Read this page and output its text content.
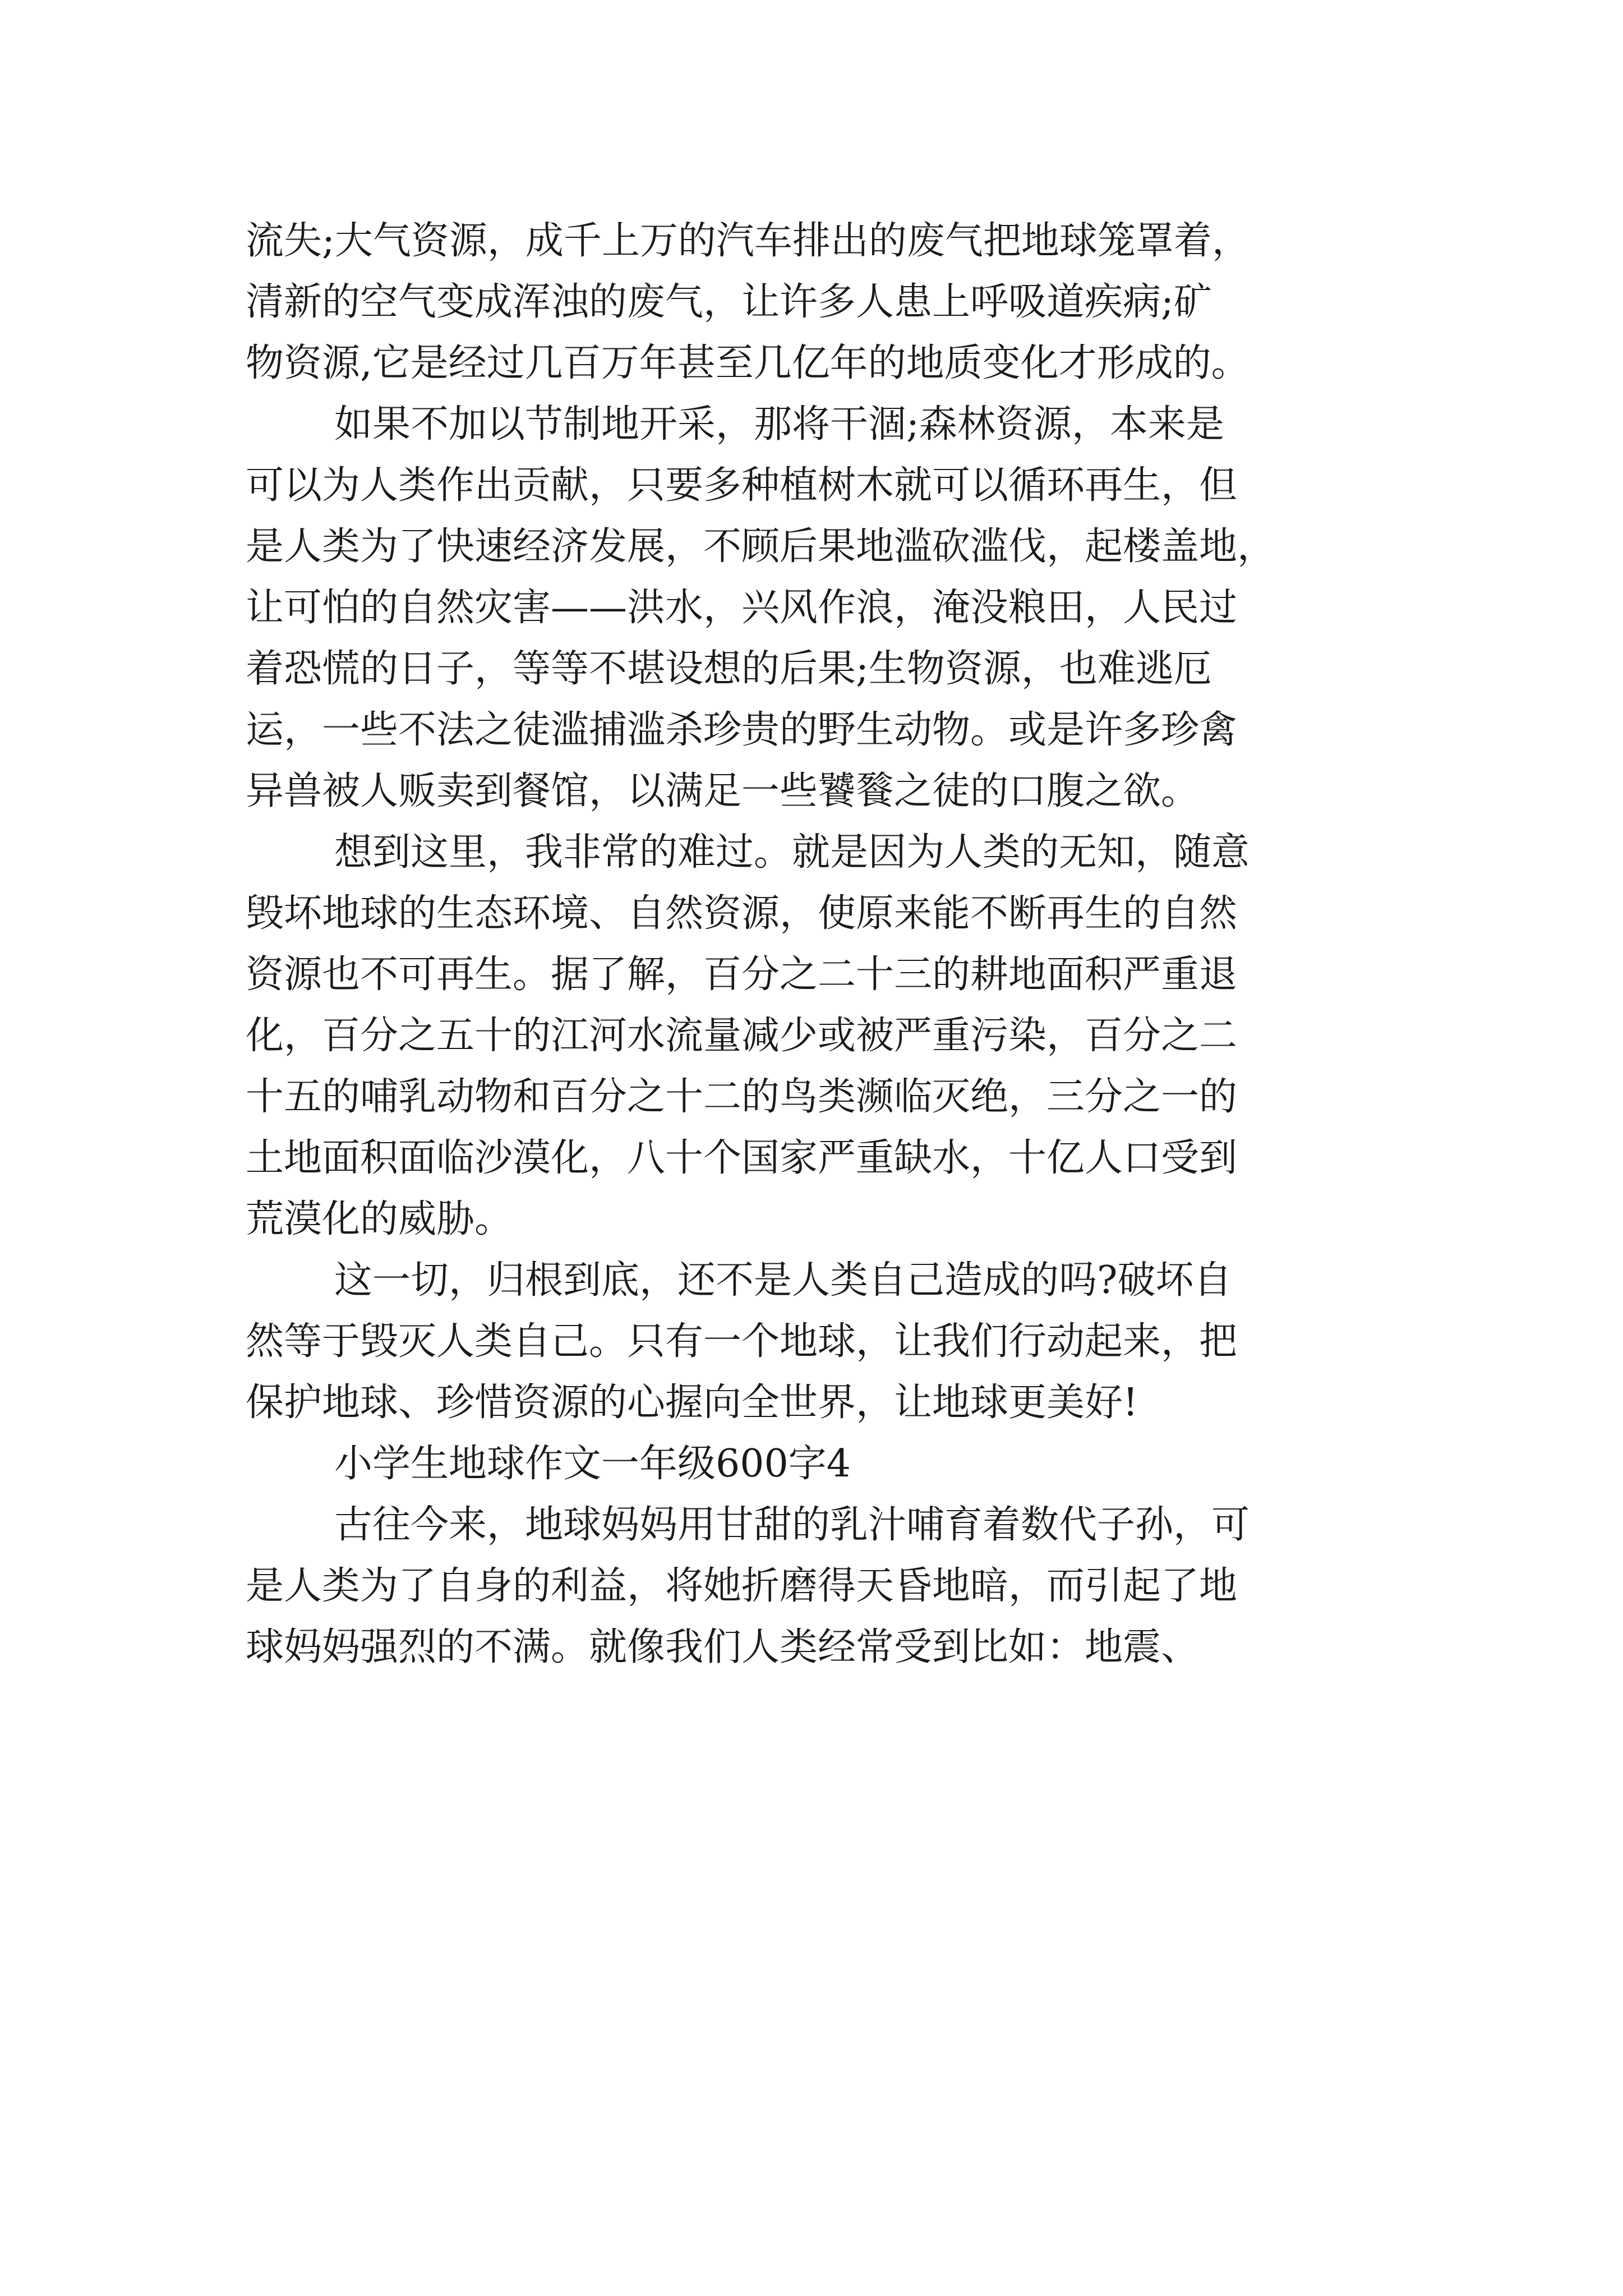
流失;大气资源，成千上万的汽车排出的废气把地球笼罩着，
清新的空气变成浑浊的废气，让许多人患上呼吸道疾病;矿
物资源,它是经过几百万年甚至几亿年的地质变化才形成的。
如果不加以节制地开采，那将干涸;森林资源，本来是
可以为人类作出贡献，只要多种植树木就可以循环再生，但
是人类为了快速经济发展，不顾后果地滥砍滥伐，起楼盖地，
让可怕的自然灾害——洪水，兴风作浪，淹没粮田，人民过
着恐慌的日子，等等不堪设想的后果;生物资源，也难逃厄
运，一些不法之徒滥捕滥杀珍贵的野生动物。或是许多珍禽
异兽被人贩卖到餐馆，以满足一些饕餮之徒的口腹之欲。
想到这里，我非常的难过。就是因为人类的无知，随意
毁坏地球的生态环境、自然资源，使原来能不断再生的自然
资源也不可再生。据了解，百分之二十三的耕地面积严重退
化，百分之五十的江河水流量减少或被严重污染，百分之二
十五的哺乳动物和百分之十二的鸟类濒临灭绝，三分之一的
土地面积面临沙漠化，八十个国家严重缺水，十亿人口受到
荒漠化的威胁。
这一切，归根到底，还不是人类自己造成的吗?破坏自
然等于毁灭人类自己。只有一个地球，让我们行动起来，把
保护地球、珍惜资源的心握向全世界，让地球更美好!
小学生地球作文一年级600字4
古往今来，地球妈妈用甘甜的乳汁哺育着数代子孙，可
是人类为了自身的利益，将她折磨得天昏地暗，而引起了地
球妈妈强烈的不满。就像我们人类经常受到比如：地震、
